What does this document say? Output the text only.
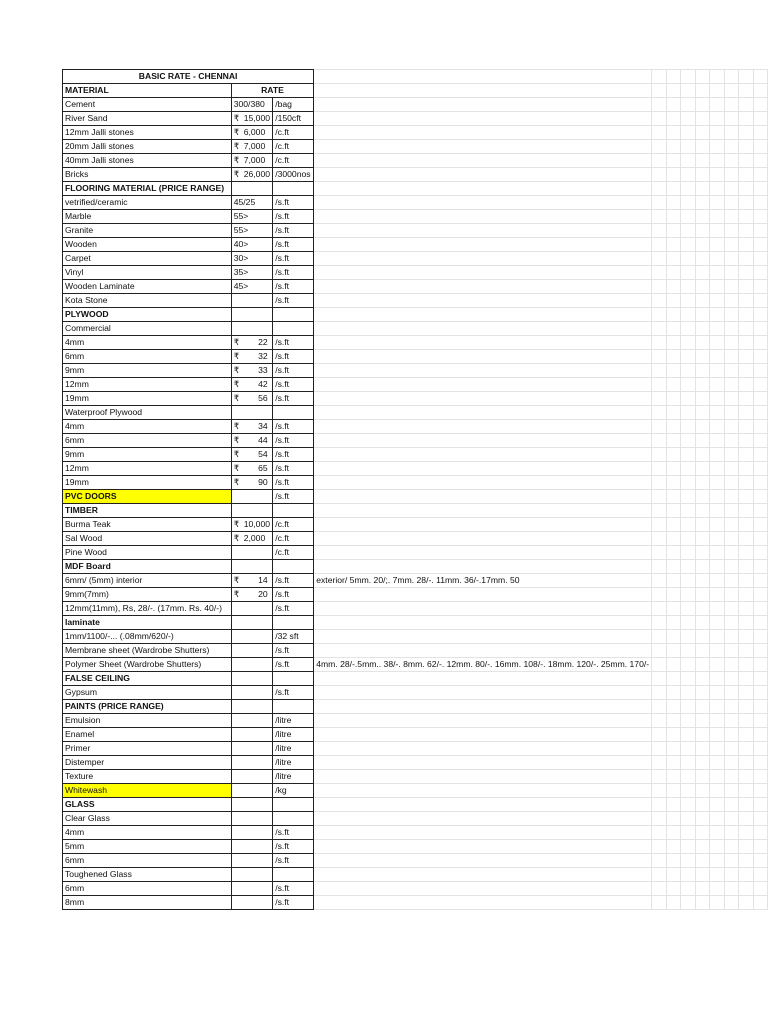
BASIC RATE - CHENNAI											
MATERIAL	RATE										
Cement	300/380	/bag									
River Sand	₹ 15,000	/150cft									
12mm Jalli stones	₹ 6,000	/c.ft									
20mm Jalli stones	₹ 7,000	/c.ft									
40mm Jalli stones	₹ 7,000	/c.ft									
Bricks	₹ 26,000	/3000nos									
FLOORING MATERIAL (PRICE RANGE)											
vetrified/ceramic	45/25	/s.ft									
Marble	55>	/s.ft									
Granite	55>	/s.ft									
Wooden	40>	/s.ft									
Carpet	30>	/s.ft									
Vinyl	35>	/s.ft									
Wooden Laminate	45>	/s.ft									
Kota Stone		/s.ft									
PLYWOOD											
Commercial											
4mm	₹ 22	/s.ft									
6mm	₹ 32	/s.ft									
9mm	₹ 33	/s.ft									
12mm	₹ 42	/s.ft									
19mm	₹ 56	/s.ft									
Waterproof Plywood											
4mm	₹ 34	/s.ft									
6mm	₹ 44	/s.ft									
9mm	₹ 54	/s.ft									
12mm	₹ 65	/s.ft									
19mm	₹ 90	/s.ft									
PVC DOORS		/s.ft									
TIMBER											
Burma Teak	₹ 10,000	/c.ft									
Sal Wood	₹ 2,000	/c.ft									
Pine Wood		/c.ft									
MDF Board											
6mm/ (5mm) interior	₹ 14	/s.ft	exterior/ 5mm. 20/;. 7mm. 28/-. 11mm. 36/-.17mm. 50								
9mm(7mm)	₹ 20	/s.ft									
12mm(11mm), Rs, 28/-. (17mm. Rs. 40/-)		/s.ft									
laminate											
1mm/1100/-... (.08mm/620/-)		/32 sft									
Membrane sheet (Wardrobe Shutters)		/s.ft									
Polymer Sheet (Wardrobe Shutters)		/s.ft	4mm. 28/-.5mm.. 38/-. 8mm. 62/-. 12mm. 80/-. 16mm. 108/-. 18mm. 120/-. 25mm. 170/-								
FALSE CEILING											
Gypsum		/s.ft									
PAINTS (PRICE RANGE)											
Emulsion		/litre									
Enamel		/litre									
Primer		/litre									
Distemper		/litre									
Texture		/litre									
Whitewash		/kg									
GLASS											
Clear Glass											
4mm		/s.ft									
5mm		/s.ft									
6mm		/s.ft									
Toughened Glass											
6mm		/s.ft									
8mm		/s.ft									
